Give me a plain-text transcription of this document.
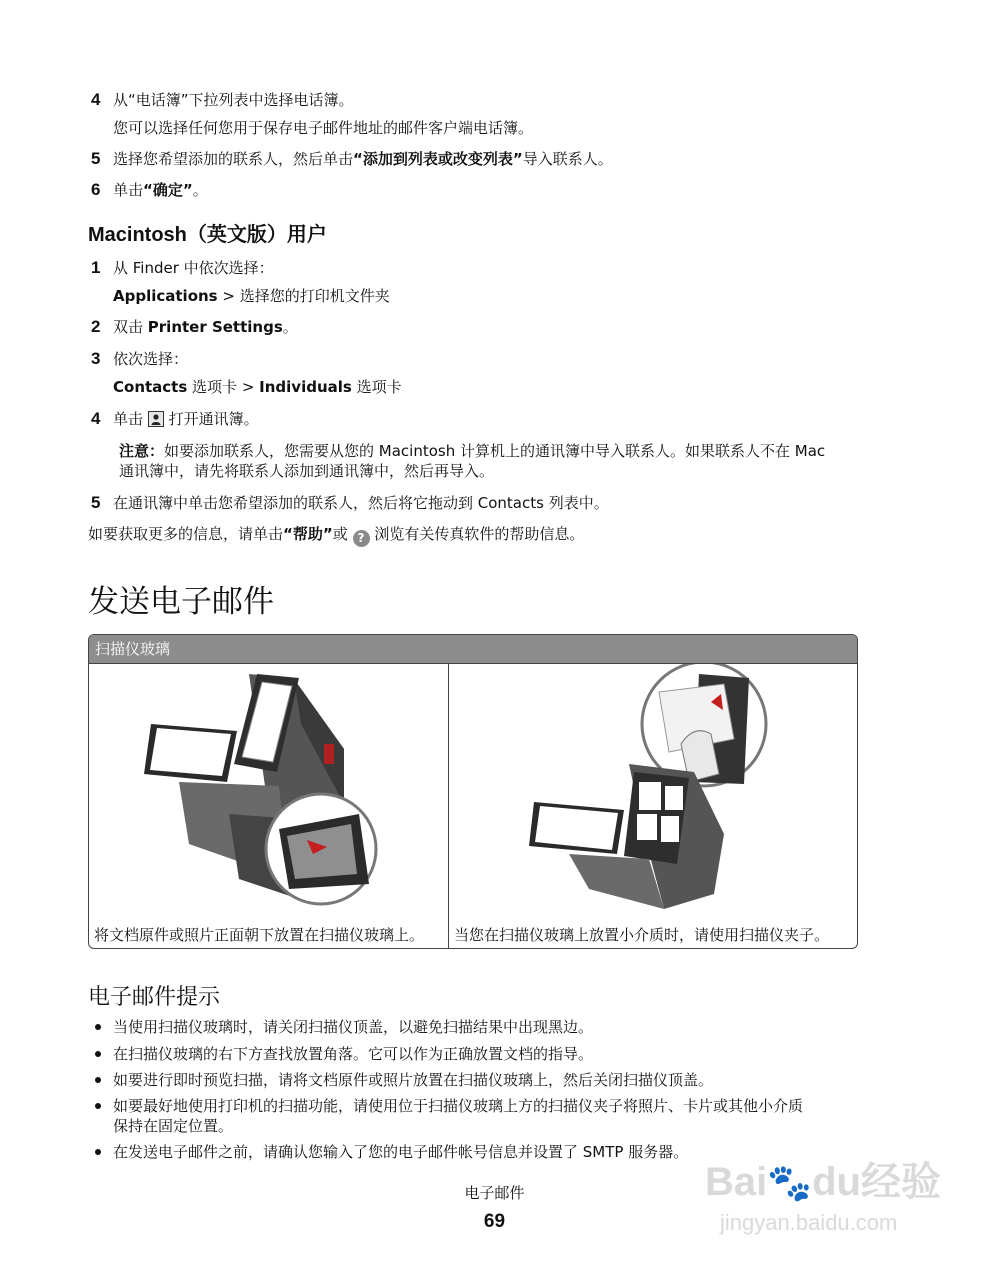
4 从“电话簿”下拉列表中选择电话簿。
您可以选择任何您用于保存电子邮件地址的邮件客户端电话簿。
5 选择您希望添加的联系人，然后单击“添加到列表或改变列表”导入联系人。
6 单击“确定”。
Macintosh（英文版）用户
1 从 Finder 中依次选择：
Applications > 选择您的打印机文件夹
2 双击 Printer Settings。
3 依次选择：
Contacts 选项卡 > Individuals 选项卡
4 单击 打开通讯簿。
注意：如要添加联系人，您需要从您的 Macintosh 计算机上的通讯簿中导入联系人。如果联系人不在 Mac
通讯簿中，请先将联系人添加到通讯簿中，然后再导入。
5 在通讯簿中单击您希望添加的联系人，然后将它拖动到 Contacts 列表中。
如要获取更多的信息，请单击“帮助”或 ? 浏览有关传真软件的帮助信息。
发送电子邮件
扫描仪玻璃
将文档原件或照片正面朝下放置在扫描仪玻璃上。 当您在扫描仪玻璃上放置小介质时，请使用扫描仪夹子。
电子邮件提示
当使用扫描仪玻璃时，请关闭扫描仪顶盖，以避免扫描结果中出现黑边。
在扫描仪玻璃的右下方查找放置角落。它可以作为正确放置文档的指导。
如要进行即时预览扫描，请将文档原件或照片放置在扫描仪玻璃上，然后关闭扫描仪顶盖。
如要最好地使用打印机的扫描功能，请使用位于扫描仪玻璃上方的扫描仪夹子将照片、卡片或其他小介质
保持在固定位置。
在发送电子邮件之前，请确认您输入了您的电子邮件帐号信息并设置了 SMTP 服务器。
电子邮件
69
Bai🐾du经验
jingyan.baidu.com
